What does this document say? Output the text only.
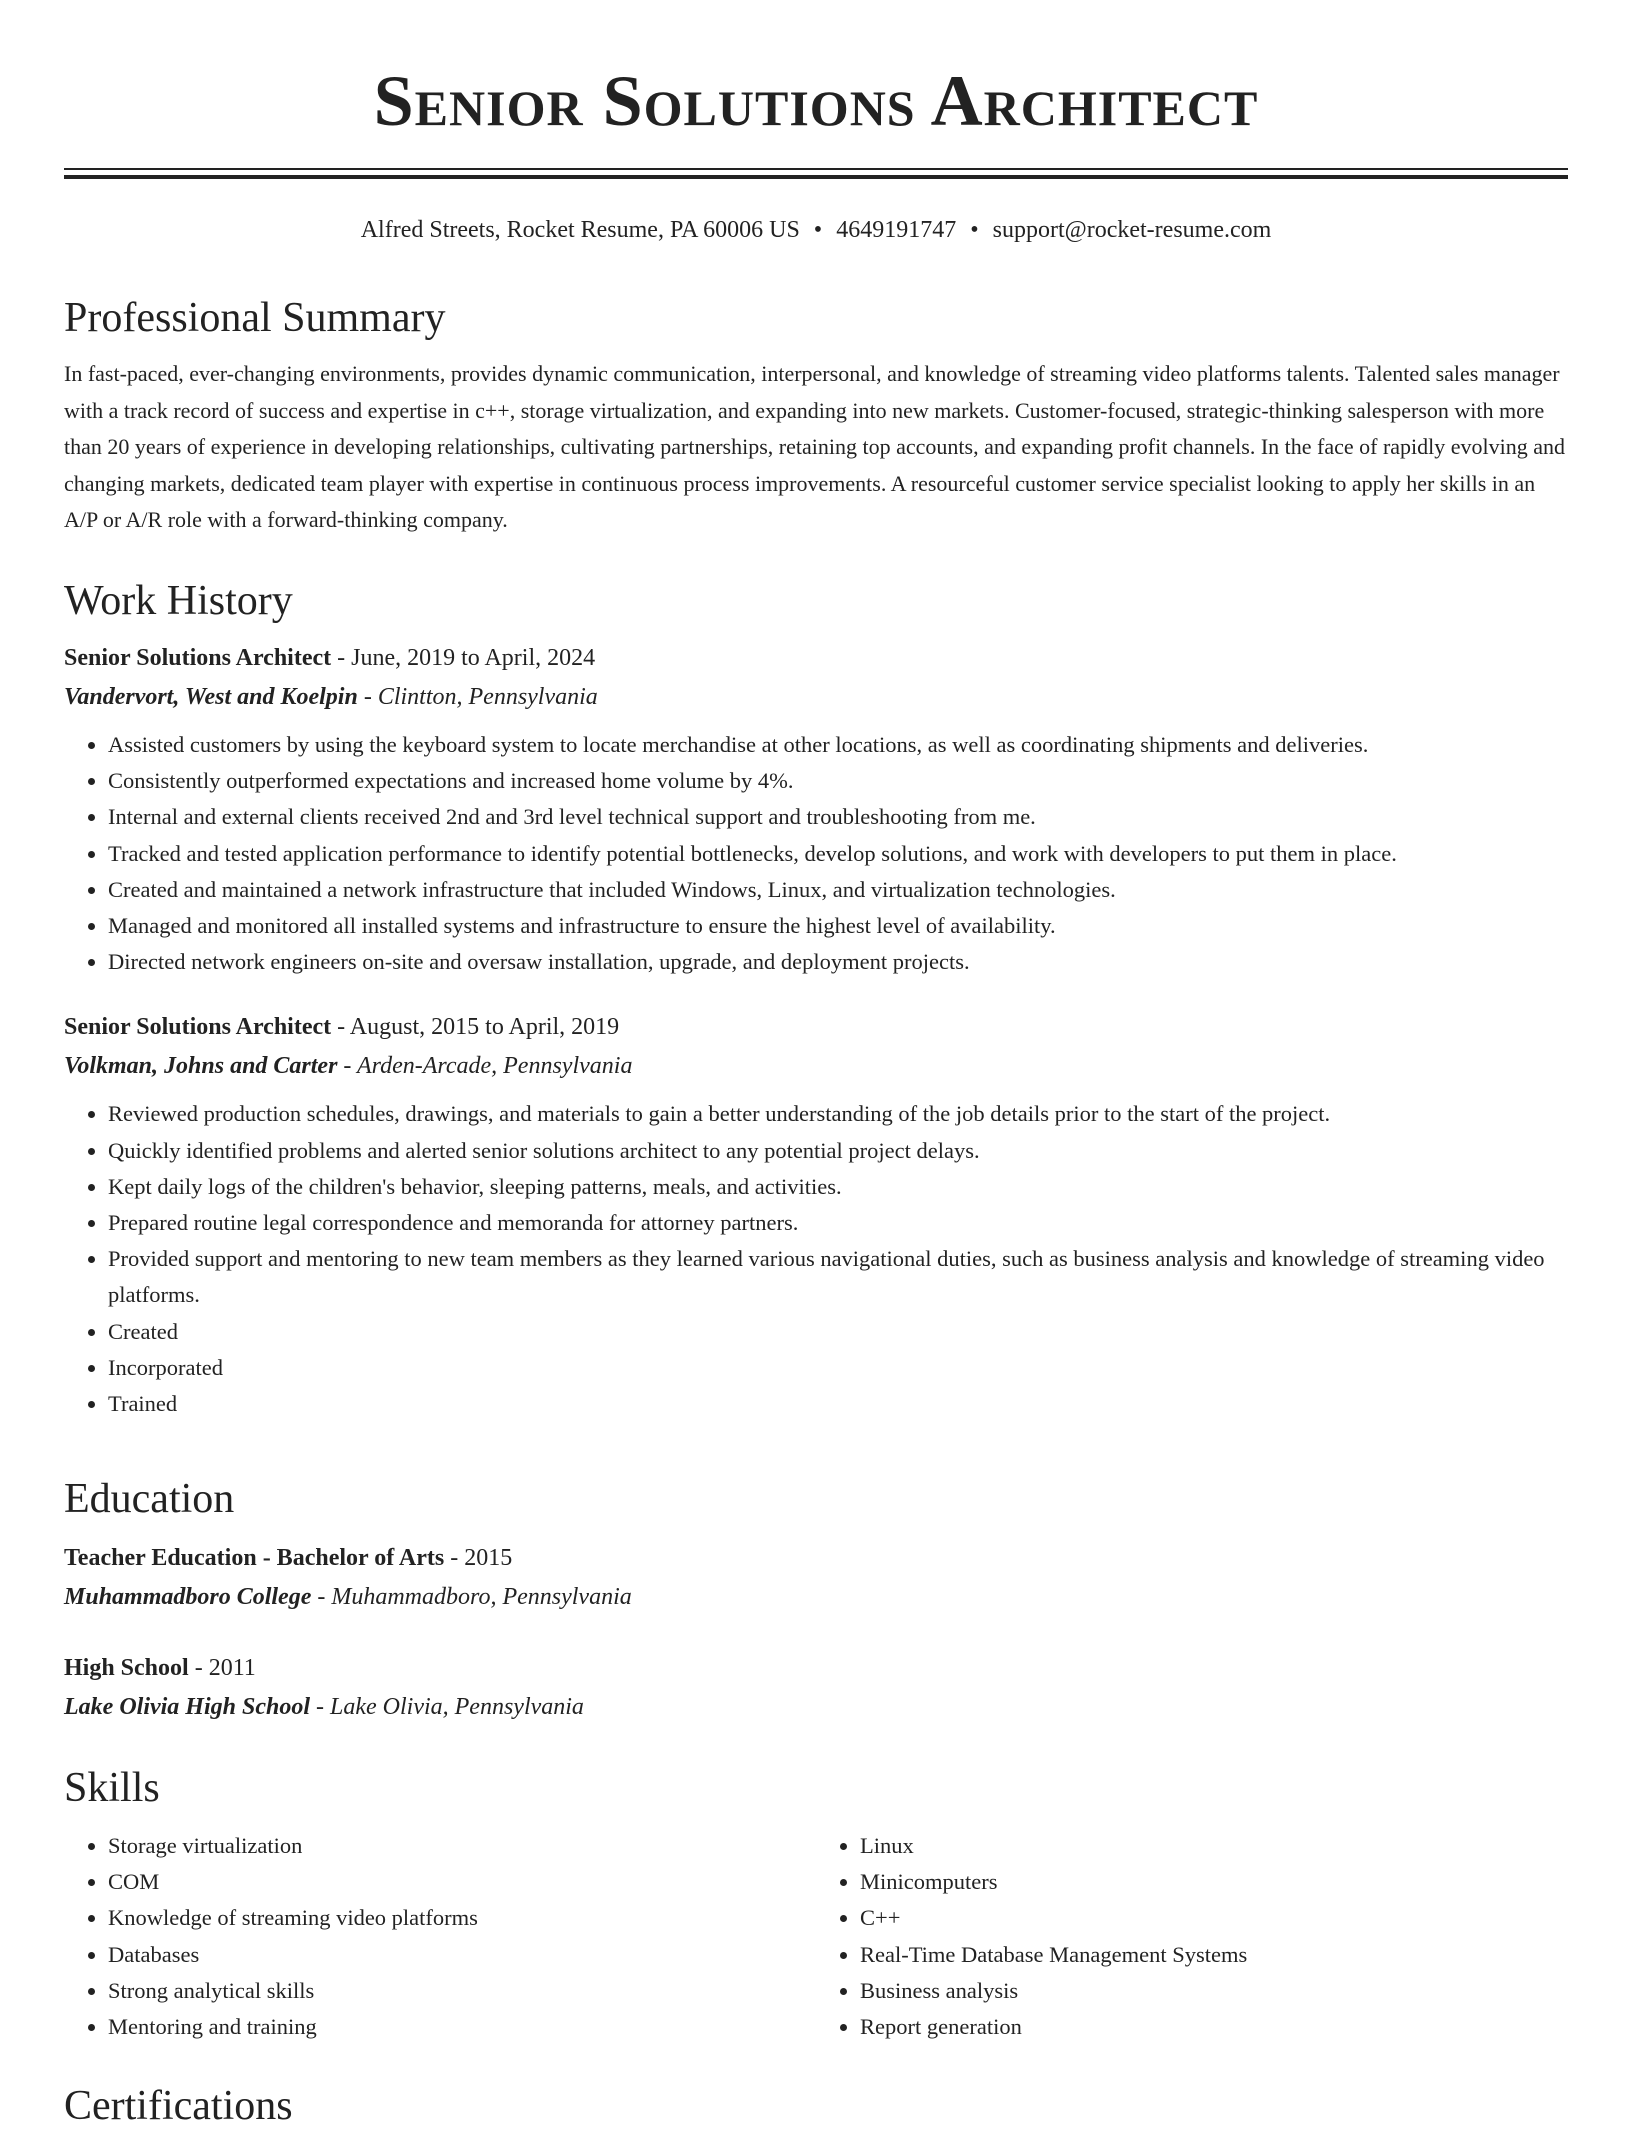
Senior Solutions Architect
Alfred Streets, Rocket Resume, PA 60006 US • 4649191747 • support@rocket-resume.com
Professional Summary

In fast-paced, ever-changing environments, provides dynamic communication, interpersonal, and knowledge of streaming video platforms talents. Talented sales manager with a track record of success and expertise in c++, storage virtualization, and expanding into new markets. Customer-focused, strategic-thinking salesperson with more than 20 years of experience in developing relationships, cultivating partnerships, retaining top accounts, and expanding profit channels. In the face of rapidly evolving and changing markets, dedicated team player with expertise in continuous process improvements. A resourceful customer service specialist looking to apply her skills in an A/P or A/R role with a forward-thinking company.

Work History
Senior Solutions Architect - June, 2019 to April, 2024
Vandervort, West and Koelpin - Clintton, Pennsylvania
• Assisted customers by using the keyboard system to locate merchandise at other locations, as well as coordinating shipments and deliveries.
• Consistently outperformed expectations and increased home volume by 4%.
• Internal and external clients received 2nd and 3rd level technical support and troubleshooting from me.
• Tracked and tested application performance to identify potential bottlenecks, develop solutions, and work with developers to put them in place.
• Created and maintained a network infrastructure that included Windows, Linux, and virtualization technologies.
• Managed and monitored all installed systems and infrastructure to ensure the highest level of availability.
• Directed network engineers on-site and oversaw installation, upgrade, and deployment projects.
Senior Solutions Architect - August, 2015 to April, 2019
Volkman, Johns and Carter - Arden-Arcade, Pennsylvania
• Reviewed production schedules, drawings, and materials to gain a better understanding of the job details prior to the start of the project.
• Quickly identified problems and alerted senior solutions architect to any potential project delays.
• Kept daily logs of the children's behavior, sleeping patterns, meals, and activities.
• Prepared routine legal correspondence and memoranda for attorney partners.
• Provided support and mentoring to new team members as they learned various navigational duties, such as business analysis and knowledge of streaming video platforms.
• Created
• Incorporated
• Trained
Education
Teacher Education - Bachelor of Arts - 2015
Muhammadboro College - Muhammadboro, Pennsylvania
High School - 2011
Lake Olivia High School - Lake Olivia, Pennsylvania
Skills
• Storage virtualization
• COM
• Knowledge of streaming video platforms
• Databases
• Strong analytical skills
• Mentoring and training
• Linux
• Minicomputers
• C++
• Real-Time Database Management Systems
• Business analysis
• Report generation
Certifications
